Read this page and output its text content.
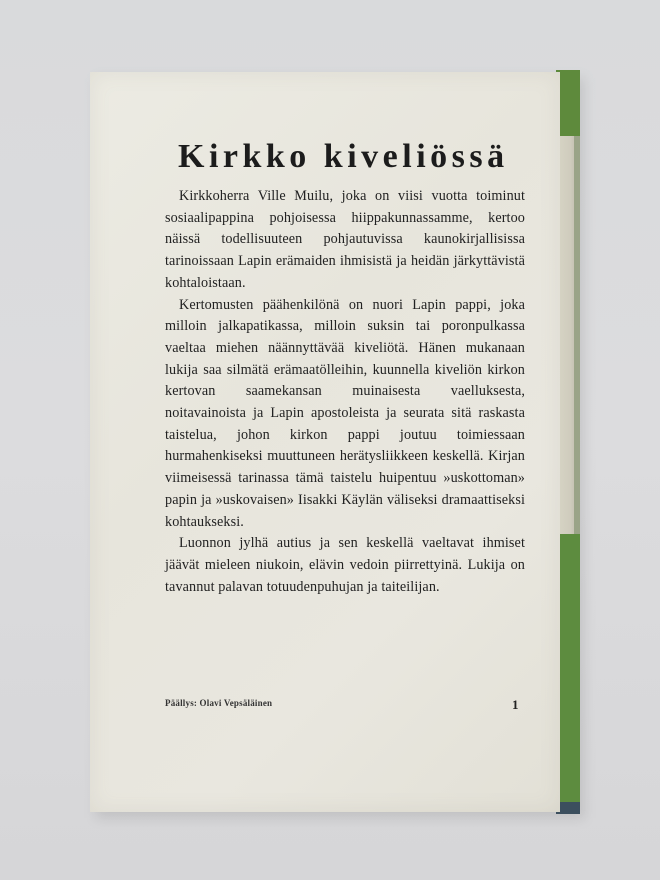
Kirkko kiveliössä

Kirkkoherra Ville Muilu, joka on viisi vuotta toiminut sosiaalipappina pohjoisessa hiippakunnassamme, kertoo näissä todellisuuteen pohjautuvissa kaunokirjallisissa tarinoissaan Lapin erämaiden ihmisistä ja heidän järkyttävistä kohtaloistaan.

Kertomusten päähenkilönä on nuori Lapin pappi, joka milloin jalkapatikassa, milloin suksin tai poronpulkassa vaeltaa miehen näännyttävää kiveliötä. Hänen mukanaan lukija saa silmätä erämaatölleihin, kuunnella kiveliön kirkon kertovan saamekansan muinaisesta vaelluksesta, noitavainoista ja Lapin apostoleista ja seurata sitä raskasta taistelua, johon kirkon pappi joutuu toimiessaan hurmahenkiseksi muuttuneen herätysliikkeen keskellä. Kirjan viimeisessä tarinassa tämä taistelu huipentuu »uskottoman» papin ja »uskovaisen» Iisakki Käylän väliseksi dramaattiseksi kohtaukseksi.

Luonnon jylhä autius ja sen keskellä vaeltavat ihmiset jäävät mieleen niukoin, elävin vedoin piirrettyinä. Lukija on tavannut palavan totuudenpuhujan ja taiteilijan.

Päällys: Olavi Vepsäläinen	1
